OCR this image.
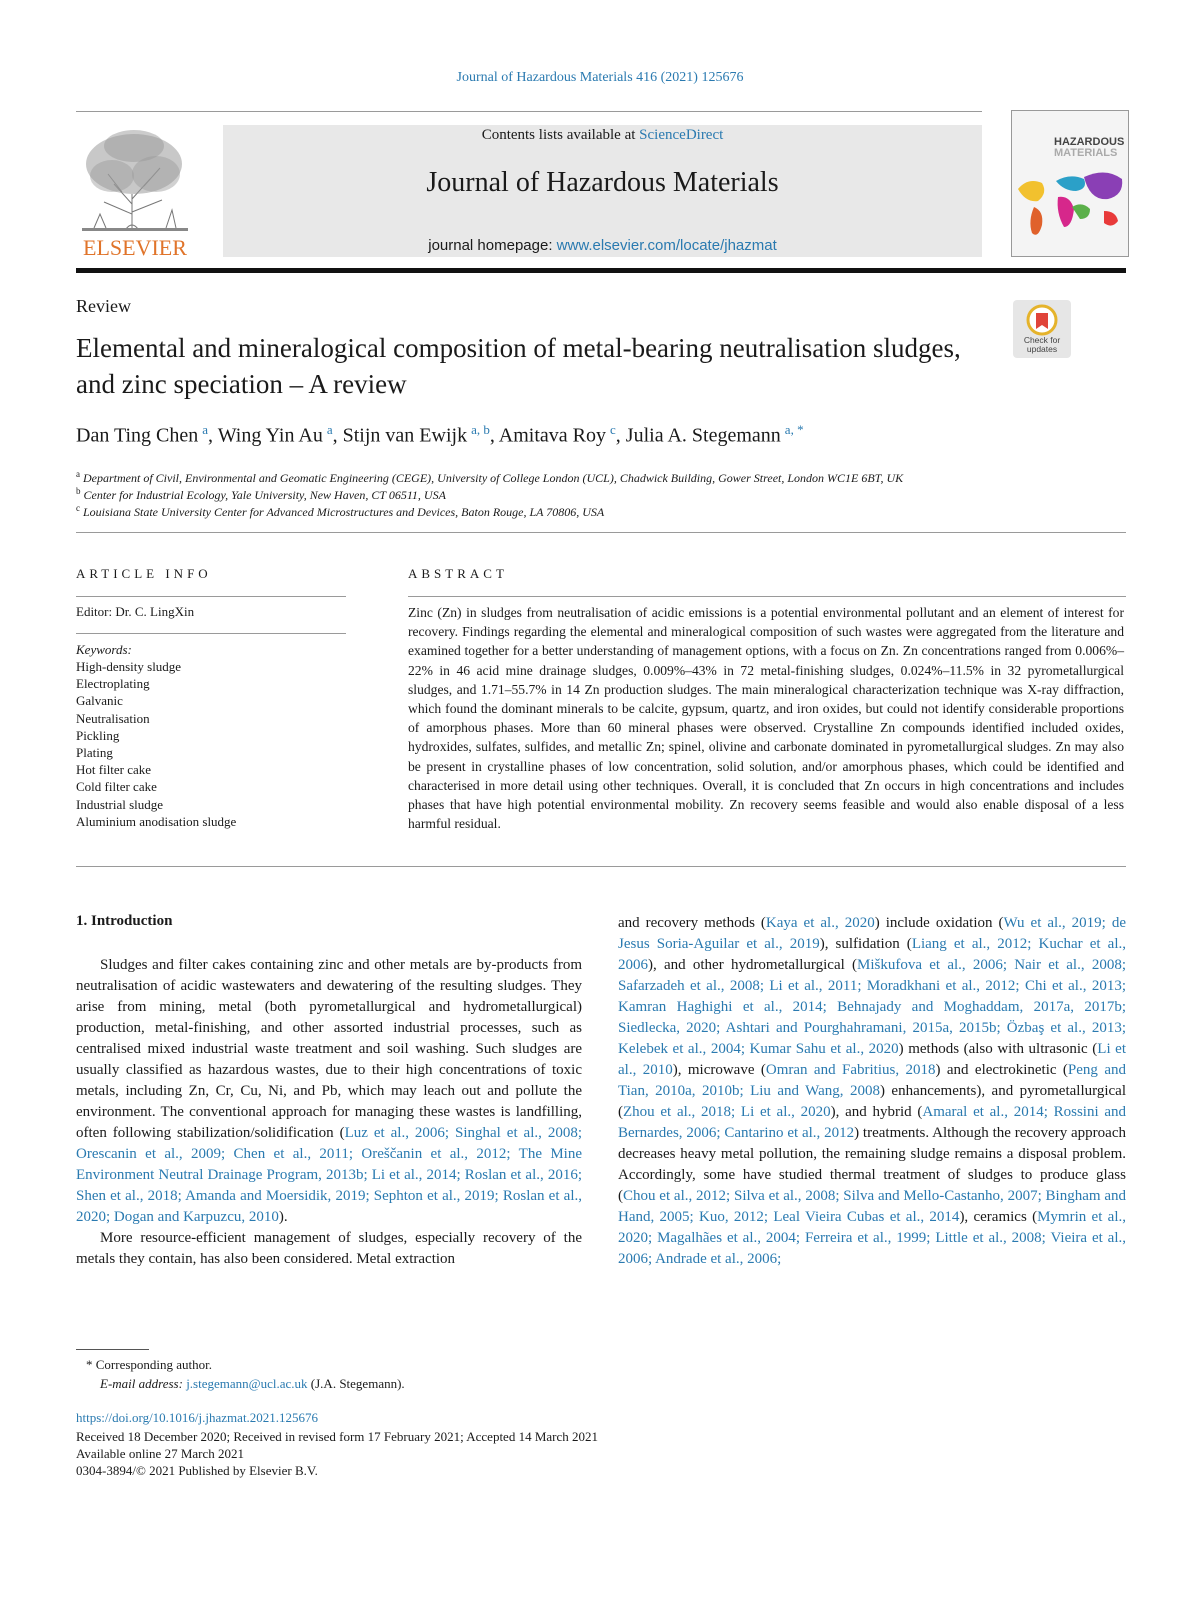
Journal of Hazardous Materials 416 (2021) 125676
ELSEVIER
Contents lists available at ScienceDirect
Journal of Hazardous Materials
journal homepage: www.elsevier.com/locate/jhazmat
HAZARDOUS
MATERIALS
Review
Elemental and mineralogical composition of metal-bearing neutralisation sludges, and zinc speciation – A review
Check for
updates
Dan Ting Chen  $^a$, Wing Yin Au  $^a$, Stijn van Ewijk  $^{a, b}$, Amitava Roy  $^c$, Julia A. Stegemann  $^{a, *}$
$^a$ Department of Civil, Environmental and Geomatic Engineering (CEGE), University of College London (UCL), Chadwick Building, Gower Street, London WC1E 6BT, UK
$^b$ Center for Industrial Ecology, Yale University, New Haven, CT 06511, USA
$^c$ Louisiana State University Center for Advanced Microstructures and Devices, Baton Rouge, LA 70806, USA
ARTICLE INFO
Editor: Dr. C. LingXin
Keywords:
High-density sludge
Electroplating
Galvanic
Neutralisation
Pickling
Plating
Hot filter cake
Cold filter cake
Industrial sludge
Aluminium anodisation sludge
ABSTRACT

Zinc (Zn) in sludges from neutralisation of acidic emissions is a potential environmental pollutant and an element of interest for recovery. Findings regarding the elemental and mineralogical composition of such wastes were aggregated from the literature and examined together for a better understanding of management options, with a focus on Zn. Zn concentrations ranged from 0.006%–22% in 46 acid mine drainage sludges, 0.009%–43% in 72 metal-finishing sludges, 0.024%–11.5% in 32 pyrometallurgical sludges, and 1.71–55.7% in 14 Zn production sludges. The main mineralogical characterization technique was X-ray diffraction, which found the dominant minerals to be calcite, gypsum, quartz, and iron oxides, but could not identify considerable proportions of amorphous phases. More than 60 mineral phases were observed. Crystalline Zn compounds identified included oxides, hydroxides, sulfates, sulfides, and metallic Zn; spinel, olivine and carbonate dominated in pyrometallurgical sludges. Zn may also be present in crystalline phases of low concentration, solid solution, and/or amorphous phases, which could be identified and characterised in more detail using other techniques. Overall, it is concluded that Zn occurs in high concentrations and includes phases that have high potential environmental mobility. Zn recovery seems feasible and would also enable disposal of a less harmful residual.

1. Introduction

Sludges and filter cakes containing zinc and other metals are by-products from neutralisation of acidic wastewaters and dewatering of the resulting sludges. They arise from mining, metal (both pyrometallurgical and hydrometallurgical) production, metal-finishing, and other assorted industrial processes, such as centralised mixed industrial waste treatment and soil washing. Such sludges are usually classified as hazardous wastes, due to their high concentrations of toxic metals, including Zn, Cr, Cu, Ni, and Pb, which may leach out and pollute the environment. The conventional approach for managing these wastes is landfilling, often following stabilization/solidification (Luz et al., 2006; Singhal et al., 2008; Orescanin et al., 2009; Chen et al., 2011; Oreščanin et al., 2012; The Mine Environment Neutral Drainage Program, 2013b; Li et al., 2014; Roslan et al., 2016; Shen et al., 2018; Amanda and Moersidik, 2019; Sephton et al., 2019; Roslan et al., 2020; Dogan and Karpuzcu, 2010).

More resource-efficient management of sludges, especially recovery of the metals they contain, has also been considered. Metal extraction

and recovery methods (Kaya et al., 2020) include oxidation (Wu et al., 2019; de Jesus Soria-Aguilar et al., 2019), sulfidation (Liang et al., 2012; Kuchar et al., 2006), and other hydrometallurgical (Miškufova et al., 2006; Nair et al., 2008; Safarzadeh et al., 2008; Li et al., 2011; Moradkhani et al., 2012; Chi et al., 2013; Kamran Haghighi et al., 2014; Behnajady and Moghaddam, 2017a, 2017b; Siedlecka, 2020; Ashtari and Pourghahramani, 2015a, 2015b; Özbaş et al., 2013; Kelebek et al., 2004; Kumar Sahu et al., 2020) methods (also with ultrasonic (Li et al., 2010), microwave (Omran and Fabritius, 2018) and electrokinetic (Peng and Tian, 2010a, 2010b; Liu and Wang, 2008) enhancements), and pyrometallurgical (Zhou et al., 2018; Li et al., 2020), and hybrid (Amaral et al., 2014; Rossini and Bernardes, 2006; Cantarino et al., 2012) treatments. Although the recovery approach decreases heavy metal pollution, the remaining sludge remains a disposal problem. Accordingly, some have studied thermal treatment of sludges to produce glass (Chou et al., 2012; Silva et al., 2008; Silva and Mello-Castanho, 2007; Bingham and Hand, 2005; Kuo, 2012; Leal Vieira Cubas et al., 2014), ceramics (Mymrin et al., 2020; Magalhães et al., 2004; Ferreira et al., 1999; Little et al., 2008; Vieira et al., 2006; Andrade et al., 2006;

* Corresponding author.
E-mail address: j.stegemann@ucl.ac.uk (J.A. Stegemann).
https://doi.org/10.1016/j.jhazmat.2021.125676
Received 18 December 2020; Received in revised form 17 February 2021; Accepted 14 March 2021
Available online 27 March 2021
0304-3894/© 2021 Published by Elsevier B.V.
